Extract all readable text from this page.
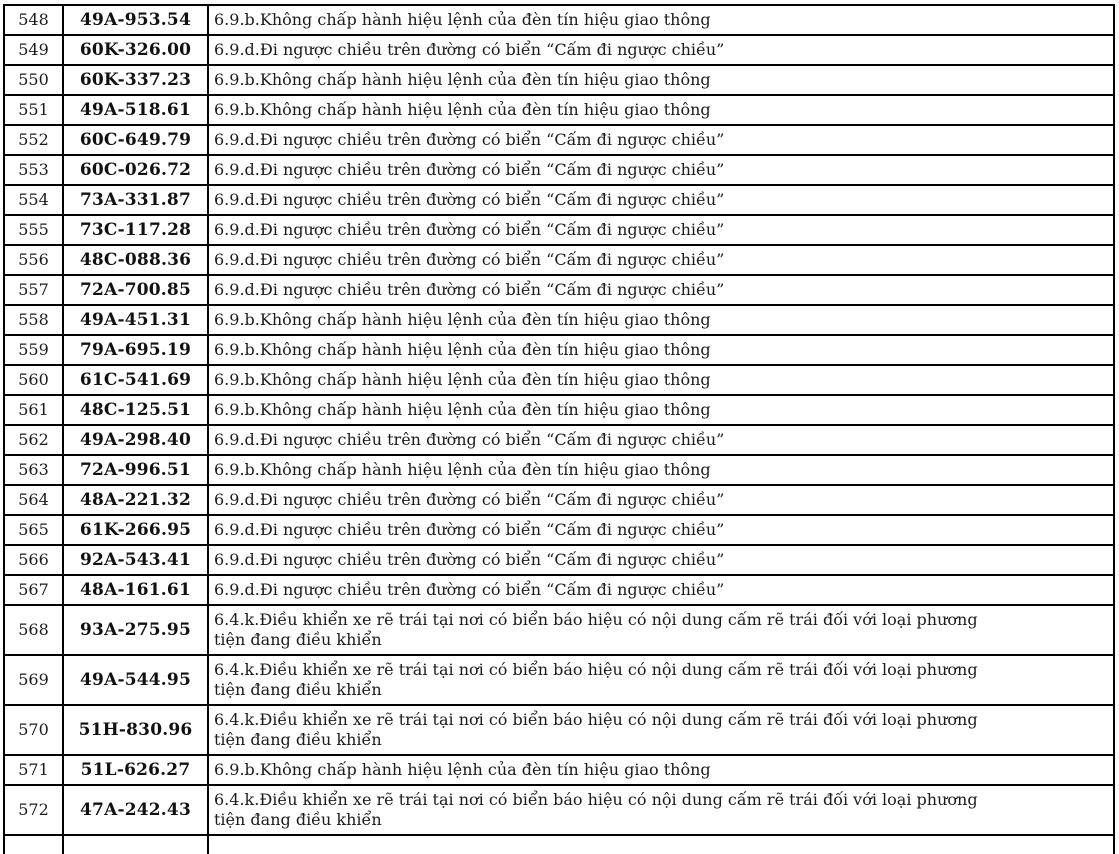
548	49A-953.54	6.9.b.Không chấp hành hiệu lệnh của đèn tín hiệu giao thông

549	60K-326.00	6.9.d.Đi ngược chiều trên đường có biển “Cấm đi ngược chiều”

550	60K-337.23	6.9.b.Không chấp hành hiệu lệnh của đèn tín hiệu giao thông

551	49A-518.61	6.9.b.Không chấp hành hiệu lệnh của đèn tín hiệu giao thông

552	60C-649.79	6.9.d.Đi ngược chiều trên đường có biển “Cấm đi ngược chiều”

553	60C-026.72	6.9.d.Đi ngược chiều trên đường có biển “Cấm đi ngược chiều”

554	73A-331.87	6.9.d.Đi ngược chiều trên đường có biển “Cấm đi ngược chiều”

555	73C-117.28	6.9.d.Đi ngược chiều trên đường có biển “Cấm đi ngược chiều”

556	48C-088.36	6.9.d.Đi ngược chiều trên đường có biển “Cấm đi ngược chiều”

557	72A-700.85	6.9.d.Đi ngược chiều trên đường có biển “Cấm đi ngược chiều”

558	49A-451.31	6.9.b.Không chấp hành hiệu lệnh của đèn tín hiệu giao thông

559	79A-695.19	6.9.b.Không chấp hành hiệu lệnh của đèn tín hiệu giao thông

560	61C-541.69	6.9.b.Không chấp hành hiệu lệnh của đèn tín hiệu giao thông

561	48C-125.51	6.9.b.Không chấp hành hiệu lệnh của đèn tín hiệu giao thông

562	49A-298.40	6.9.d.Đi ngược chiều trên đường có biển “Cấm đi ngược chiều”

563	72A-996.51	6.9.b.Không chấp hành hiệu lệnh của đèn tín hiệu giao thông

564	48A-221.32	6.9.d.Đi ngược chiều trên đường có biển “Cấm đi ngược chiều”

565	61K-266.95	6.9.d.Đi ngược chiều trên đường có biển “Cấm đi ngược chiều”

566	92A-543.41	6.9.d.Đi ngược chiều trên đường có biển “Cấm đi ngược chiều”

567	48A-161.61	6.9.d.Đi ngược chiều trên đường có biển “Cấm đi ngược chiều”

568	93A-275.95	6.4.k.Điều khiển xe rẽ trái tại nơi có biển báo hiệu có nội dung cấm rẽ trái đối với loại phương tiện đang điều khiển

569	49A-544.95	6.4.k.Điều khiển xe rẽ trái tại nơi có biển báo hiệu có nội dung cấm rẽ trái đối với loại phương tiện đang điều khiển

570	51H-830.96	6.4.k.Điều khiển xe rẽ trái tại nơi có biển báo hiệu có nội dung cấm rẽ trái đối với loại phương tiện đang điều khiển

571	51L-626.27	6.9.b.Không chấp hành hiệu lệnh của đèn tín hiệu giao thông

572	47A-242.43	6.4.k.Điều khiển xe rẽ trái tại nơi có biển báo hiệu có nội dung cấm rẽ trái đối với loại phương tiện đang điều khiển
